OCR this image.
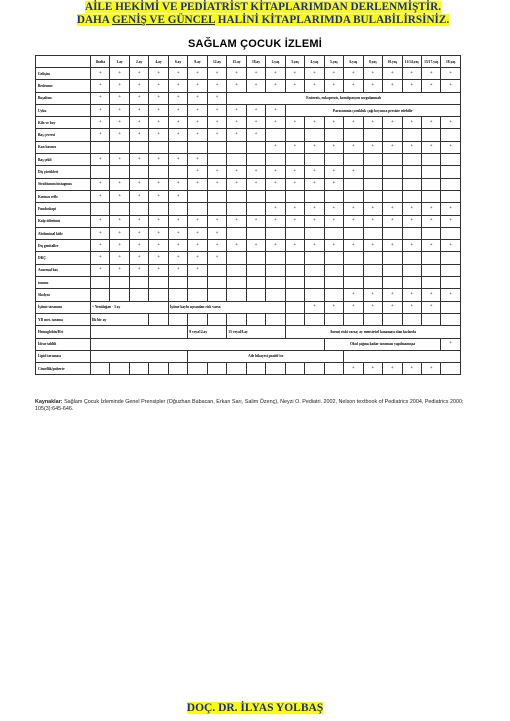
AİLE HEKİMİ VE PEDİATRİST KİTAPLARIMDAN DERLENMİŞTİR.
DAHA GENİŞ VE GÜNCEL HALİNİ KİTAPLARIMDA BULABİLİRSİNİZ.
SAĞLAM ÇOCUK İZLEMİ
	1hafta	1.ay	2.ay	4.ay	6.ay	9.ay	12.ay	15.ay	18.ay	2.yaş	3.yaş	4.yaş	5.yaş	6.yaş	8.yaş	10.yaş	11/14.yaş	15/17.yaş	18.yaş
Gelişim	+	+	+	+	+	+	+	+	+	+	+	+	+	+	+	+	+	+	+
Beslenme	+	+	+	+	+	+	+	+	+	+	+	+	+	+	+	+	+	+	+
Boşaltım	+	+	+	+	+	+	+	Enürezis, enkoprezis, konstipasyon sorgulanmalı											
Uyku	+	+	+	+	+	+	+	+	+	+	Parasomnia çocukluk çağı boyunca persiste edebilir								
Kilo ve boy	+	+	+	+	+	+	+	+	+	+	+	+	+	+	+	+	+	+	+
Baş çevresi	+	+	+	+	+	+	+	+	+										
Kan basıncı										+	+	+	+	+	+	+	+	+	+
Baş şekli	+	+	+	+	+	+													
Diş çürükleri						+	+	+	+	+	+	+	+	+					
Strabismus/nistagmus	+	+	+	+	+	+	+	+	+	+	+	+	+						
Kırmızı refle	+	+	+	+	+														
Fundoskopi										+	+	+	+	+	+	+	+	+	+
Kalp üfürümü	+	+	+	+	+	+	+	+	+	+	+	+	+	+	+	+	+	+	+
Abdominal kitle	+	+	+	+	+	+	+												
Dış genitaller	+	+	+	+	+	+	+	+	+	+	+	+	+	+	+	+	+	+	+
DKÇ	+	+	+	+	+	+	+												
Anormal kas	+	+	+	+	+	+													
tonusu																			
Skolyoz														+	+	+	+	+	+
İşitme taraması	+ Yenidoğan - 3 ay				İşitme kaybı açısından risk varsa							+	+	+	+	+	+	+	
YD met. tarama	İlk bir ay																		
Hemoglobin/Hct						9 veya12.ay		15 veya18.ay			Anemi riski varsa; ay menstrüel kanaması olan kızlarda								
İdrar tahlili													Okul çağına kadar taraması yapılmamışsa						+
Lipid taraması						Aile hikayesi pozitif ise													
Cinsellik/puberte														+	+	+	+	+	
Kaynaklar: Sağlam Çocuk İzleminde Genel Prensipler (Oğuzhan Babacan, Erkan Sarı, Salim Özenç), Neyzi O. Pediatri. 2002, Nelson textbook of Pediatrics 2004, Pediatrics 2000; 105(3):645-646.
DOÇ. DR. İLYAS YOLBAŞ
